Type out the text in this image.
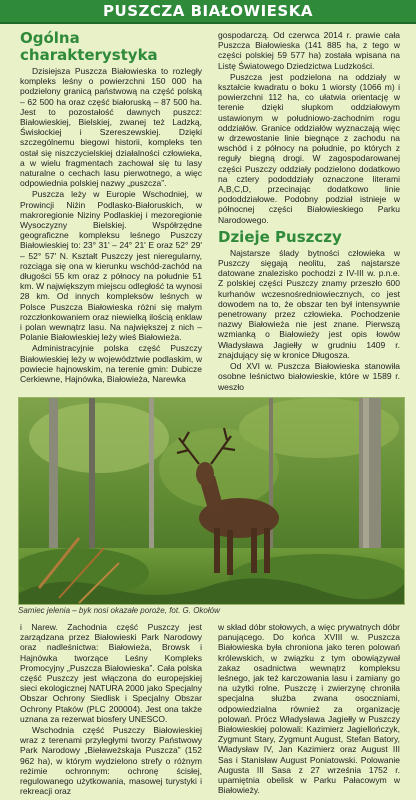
PUSZCZA BIAŁOWIESKA
Ogólna charakterystyka

Dzisiejsza Puszcza Białowieska to rozległy kompleks leśny o powierzchni 150 000 ha podzielony granicą państwową na część polską – 62 500 ha oraz część białoruską – 87 500 ha. Jest to pozostałość dawnych puszcz: Białowieskiej, Bielskiej, zwanej też Ladzką, Świsłockiej i Szereszewskiej. Dzięki szczególnemu biegowi historii, kompleks ten ostał się niszczycielskiej działalności człowieka, a w wielu fragmentach zachował się tu lasy naturalne o cechach lasu pierwotnego, a więc odpowiednia polskiej nazwy „puszcza”.

Puszcza leży w Europie Wschodniej, w Prowincji Niżin Podlasko-Białoruskich, w makroregionie Niziny Podlaskiej i mezoregionie Wysoczyzny Bielskiej. Współrzędne geograficzne kompleksu leśnego Puszczy Białowieskiej to: 23° 31' – 24° 21' E oraz 52° 29' – 52° 57' N. Kształt Puszczy jest nieregularny, rozciąga się ona w kierunku wschód-zachód na długości 55 km oraz z północy na południe 51 km. W największym miejscu odległość ta wynosi 28 km. Od innych kompleksów leśnych w Polsce Puszcza Białowieska różni się małym rozczłonkowaniem oraz niewielką ilością enklaw i polan wewnątrz lasu. Na największej z nich – Polanie Białowieskiej leży wieś Białowieża.

Administracyjnie polska część Puszczy Białowieskiej leży w województwie podlaskim, w powiecie hajnowskim, na terenie gmin: Dubicze Cerkiewne, Hajnówka, Białowieża, Narewka

gospodarczą. Od czerwca 2014 r. prawie cała Puszcza Białowieska (141 885 ha, z tego w części polskiej 59 577 ha) została wpisana na Listę Światowego Dziedzictwa Ludzkości.

Puszcza jest podzielona na oddziały w kształcie kwadratu o boku 1 wiorsty (1066 m) i powierzchni 112 ha, co ułatwia orientację w terenie dzięki słupkom oddziałowym ustawionym w południowo-zachodnim rogu oddziałów. Granice oddziałów wyznaczają więc w drzewostanie linie biegnące z zachodu na wschód i z północy na południe, po których z reguły biegną drogi. W zagospodarowanej części Puszczy oddziały podzielono dodatkowo na cztery pododdziały oznaczone literami A,B,C,D, przecinając dodatkowo linie pododdziałowe. Podobny podział istnieje w północnej części Białowieskiego Parku Narodowego.

Dzieje Puszczy

Najstarsze ślady bytności człowieka w Puszczy sięgają neolitu, zaś najstarsze datowane znalezisko pochodzi z IV-III w. p.n.e. Z polskiej części Puszczy znamy przeszło 600 kurhanów wczesnośredniowiecznych, co jest dowodem na to, że obszar ten był intensywnie penetrowany przez człowieka. Pochodzenie nazwy Białowieża nie jest znane. Pierwszą wzmianką o Białowieży jest opis łowów Władysława Jagiełły w grudniu 1409 r. znajdujący się w kronice Długosza.

Od XVI w. Puszcza Białowieska stanowiła osobne leśnictwo białowieskie, które w 1589 r. weszło

Samiec jelenia – byk nosi okazałe poroże, fot. G. Okołów

i Narew. Zachodnia część Puszczy jest zarządzana przez Białowieski Park Narodowy oraz nadleśnictwa: Białowieża, Browsk i Hajnówka tworzące Leśny Kompleks Promocyjny „Puszcza Białowieska”. Cała polska część Puszczy jest włączona do europejskiej sieci ekologicznej NATURA 2000 jako Specjalny Obszar Ochrony Siedlisk i Specjalny Obszar Ochrony Ptaków (PLC 200004). Jest ona także uznana za rezerwat biosfery UNESCO.

Wschodnia część Puszczy Białowieskiej wraz z terenami przyległymi tworzy Państwowy Park Narodowy „Bieławeżskaja Puszcza” (152 962 ha), w którym wydzielono strefy o różnym reżimie ochronnym: ochronę ścisłej, regulowanego użytkowania, masowej turystyki i rekreacji oraz

w skład dóbr stołowych, a więc prywatnych dóbr panującego. Do końca XVIII w. Puszcza Białowieska była chroniona jako teren polowań królewskich, w związku z tym obowiązywał zakaz osadnictwa wewnątrz kompleksu leśnego, jak też karczowania lasu i zamiany go na użytki rolne. Puszczę i zwierzynę chroniła specjalna służba zwana osoczniami, odpowiedzialna również za organizację polowań. Prócz Władysława Jagiełły w Puszczy Białowieskiej polowali: Kazimierz Jagiellończyk, Zygmunt Stary, Zygmunt August, Stefan Batory, Władysław IV, Jan Kazimierz oraz August III Sas i Stanisław August Poniatowski. Polowanie Augusta III Sasa z 27 września 1752 r. upamiętnia obelisk w Parku Pałacowym w Białowieży.
